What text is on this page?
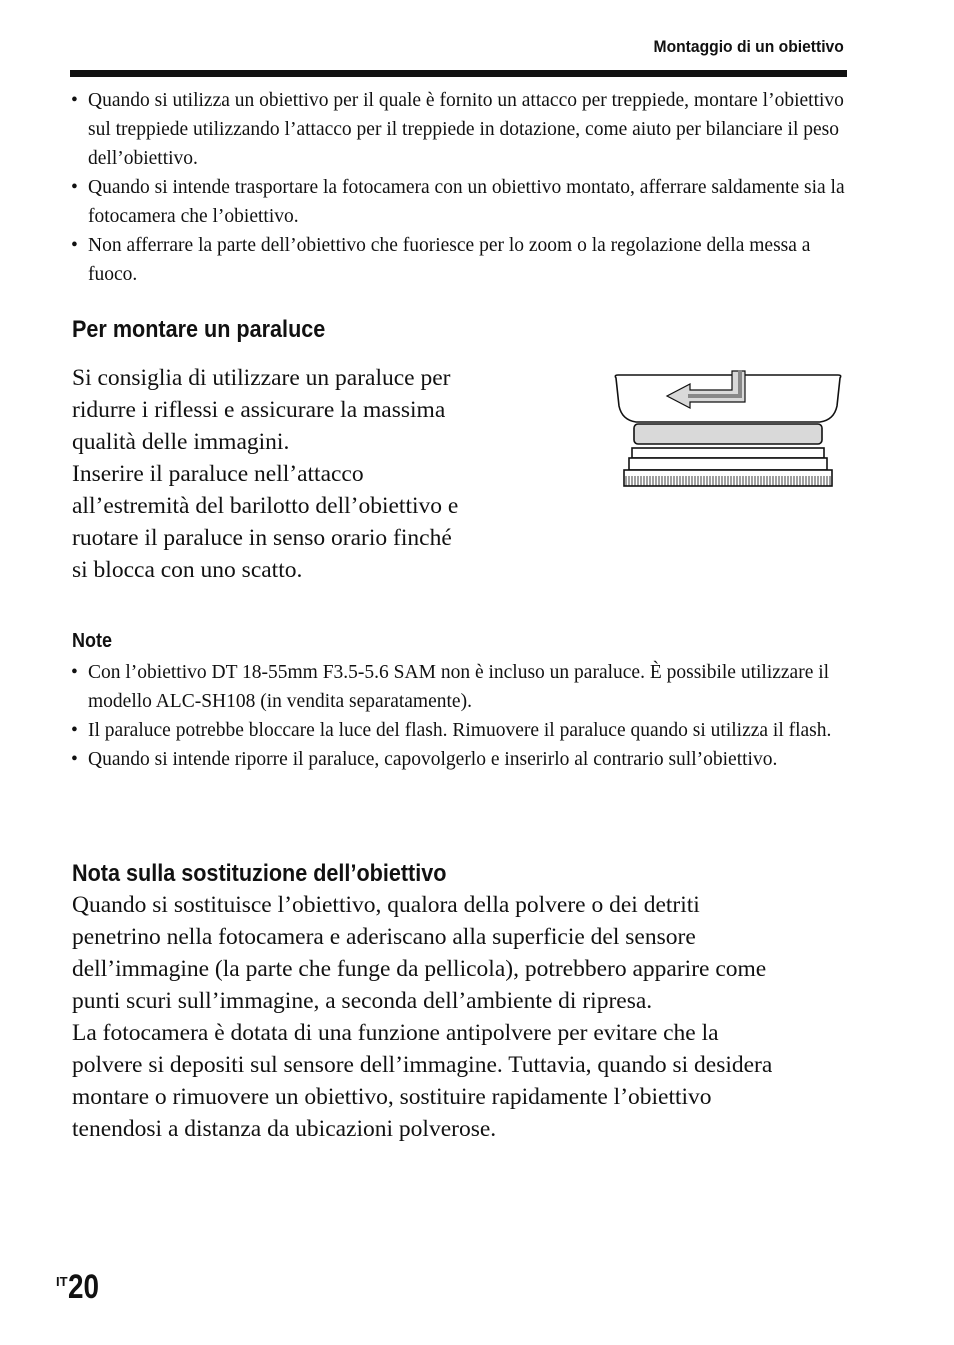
Montaggio di un obiettivo
• Quando si utilizza un obiettivo per il quale è fornito un attacco per treppiede, montare l’obiettivo sul treppiede utilizzando l’attacco per il treppiede in dotazione, come aiuto per bilanciare il peso dell’obiettivo.
• Quando si intende trasportare la fotocamera con un obiettivo montato, afferrare saldamente sia la fotocamera che l’obiettivo.
• Non afferrare la parte dell’obiettivo che fuoriesce per lo zoom o la regolazione della messa a fuoco.
Per montare un paraluce
Si consiglia di utilizzare un paraluce per
ridurre i riflessi e assicurare la massima
qualità delle immagini.
Inserire il paraluce nell’attacco
all’estremità del barilotto dell’obiettivo e
ruotare il paraluce in senso orario finché
si blocca con uno scatto.
Note
• Con l’obiettivo DT 18-55mm F3.5-5.6 SAM non è incluso un paraluce. È possibile utilizzare il modello ALC-SH108 (in vendita separatamente).
• Il paraluce potrebbe bloccare la luce del flash. Rimuovere il paraluce quando si utilizza il flash.
• Quando si intende riporre il paraluce, capovolgerlo e inserirlo al contrario sull’obiettivo.
Nota sulla sostituzione dell’obiettivo
Quando si sostituisce l’obiettivo, qualora della polvere o dei detriti
penetrino nella fotocamera e aderiscano alla superficie del sensore
dell’immagine (la parte che funge da pellicola), potrebbero apparire come
punti scuri sull’immagine, a seconda dell’ambiente di ripresa.
La fotocamera è dotata di una funzione antipolvere per evitare che la
polvere si depositi sul sensore dell’immagine. Tuttavia, quando si desidera
montare o rimuovere un obiettivo, sostituire rapidamente l’obiettivo
tenendosi a distanza da ubicazioni polverose.
$^{IT}$20
